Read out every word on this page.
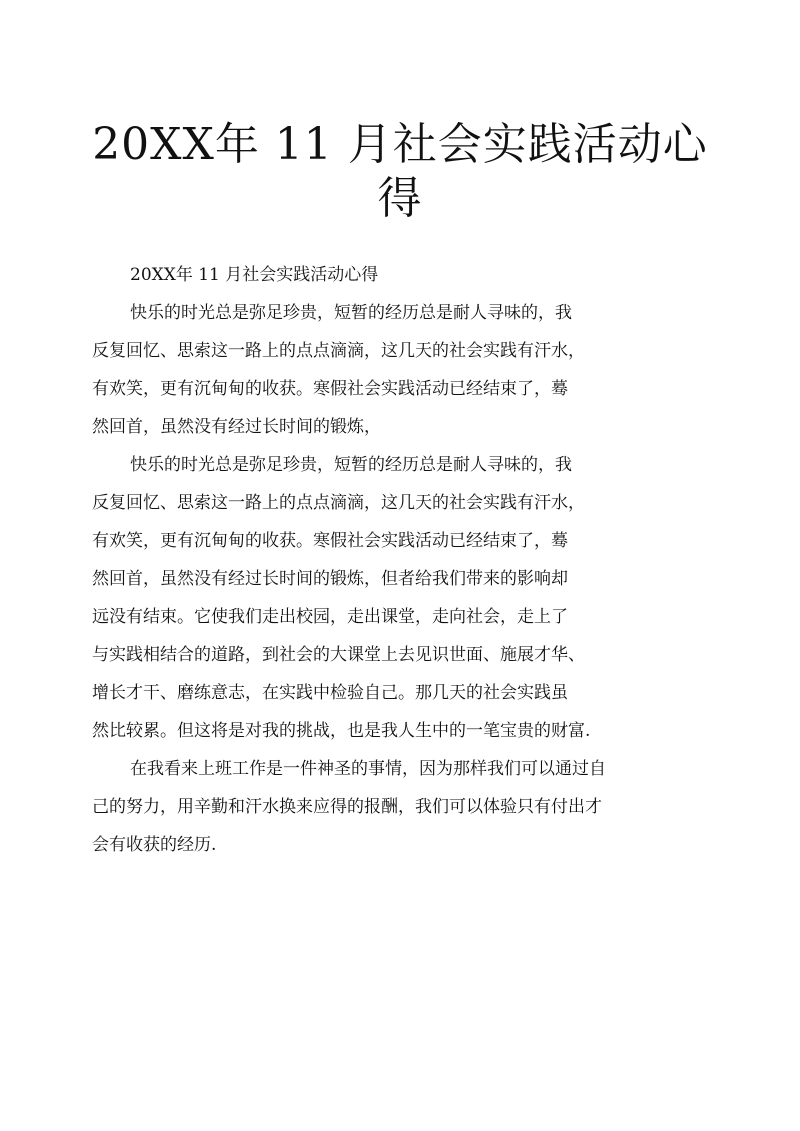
20XX年 11 月社会实践活动心
得
20XX年 11 月社会实践活动心得
快乐的时光总是弥足珍贵，短暂的经历总是耐人寻味的，我
反复回忆、思索这一路上的点点滴滴，这几天的社会实践有汗水，
有欢笑，更有沉甸甸的收获。寒假社会实践活动已经结束了，蓦
然回首，虽然没有经过长时间的锻炼，
快乐的时光总是弥足珍贵，短暂的经历总是耐人寻味的，我
反复回忆、思索这一路上的点点滴滴，这几天的社会实践有汗水，
有欢笑，更有沉甸甸的收获。寒假社会实践活动已经结束了，蓦
然回首，虽然没有经过长时间的锻炼，但者给我们带来的影响却
远没有结束。它使我们走出校园，走出课堂，走向社会，走上了
与实践相结合的道路，到社会的大课堂上去见识世面、施展才华、
增长才干、磨练意志，在实践中检验自己。那几天的社会实践虽
然比较累。但这将是对我的挑战，也是我人生中的一笔宝贵的财富.
在我看来上班工作是一件神圣的事情，因为那样我们可以通过自
己的努力，用辛勤和汗水换来应得的报酬，我们可以体验只有付出才
会有收获的经历.
